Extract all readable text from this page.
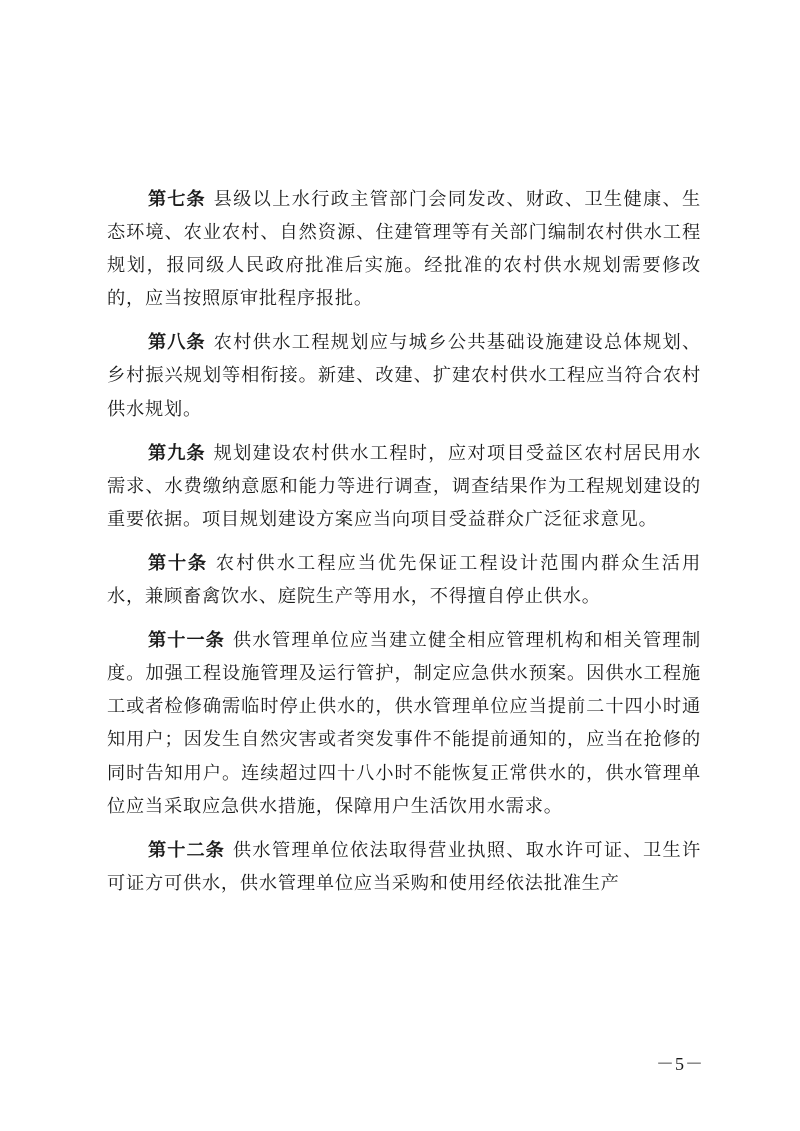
第七条 县级以上水行政主管部门会同发改、财政、卫生健康、生态环境、农业农村、自然资源、住建管理等有关部门编制农村供水工程规划，报同级人民政府批准后实施。经批准的农村供水规划需要修改的，应当按照原审批程序报批。

第八条 农村供水工程规划应与城乡公共基础设施建设总体规划、乡村振兴规划等相衔接。新建、改建、扩建农村供水工程应当符合农村供水规划。

第九条 规划建设农村供水工程时，应对项目受益区农村居民用水需求、水费缴纳意愿和能力等进行调查，调查结果作为工程规划建设的重要依据。项目规划建设方案应当向项目受益群众广泛征求意见。

第十条 农村供水工程应当优先保证工程设计范围内群众生活用水，兼顾畜禽饮水、庭院生产等用水，不得擅自停止供水。

第十一条 供水管理单位应当建立健全相应管理机构和相关管理制度。加强工程设施管理及运行管护，制定应急供水预案。因供水工程施工或者检修确需临时停止供水的，供水管理单位应当提前二十四小时通知用户；因发生自然灾害或者突发事件不能提前通知的，应当在抢修的同时告知用户。连续超过四十八小时不能恢复正常供水的，供水管理单位应当采取应急供水措施，保障用户生活饮用水需求。

第十二条 供水管理单位依法取得营业执照、取水许可证、卫生许可证方可供水，供水管理单位应当采购和使用经依法批准生产

－5－
